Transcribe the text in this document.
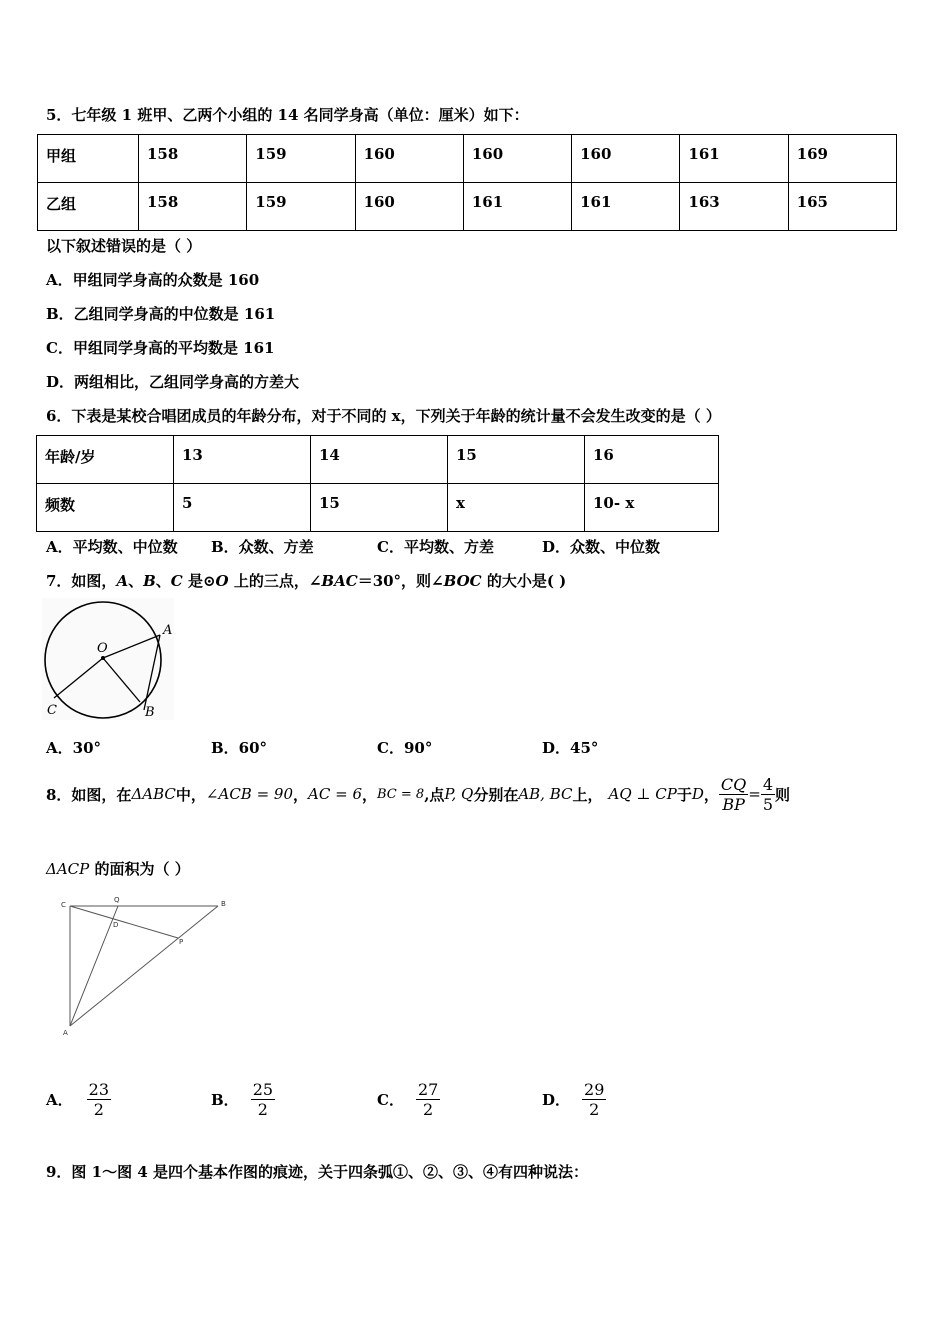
5．七年级 1 班甲、乙两个小组的 14 名同学身高（单位：厘米）如下：
甲组	158	159	160	160	160	161	169
乙组	158	159	160	161	161	163	165
以下叙述错误的是（ ）
A．甲组同学身高的众数是 160
B．乙组同学身高的中位数是 161
C．甲组同学身高的平均数是 161
D．两组相比，乙组同学身高的方差大
6．下表是某校合唱团成员的年龄分布，对于不同的 x，下列关于年龄的统计量不会发生改变的是（ ）
年龄/岁	13	14	15	16
频数	5	15	x	10- x
A．平均数、中位数 B．众数、方差	C．平均数、方差	D．众数、中位数
7．如图，A、B、C 是⊙O 上的三点，∠BAC＝30°，则∠BOC 的大小是( )
O
A
B
C
A．30°	B．60°	C．90°	D．45°
8．如图，在 ΔABC 中， ∠ACB = 90 ， AC = 6 ， BC = 8 ,点 P, Q 分别在 AB, BC 上， AQ ⊥ CP 于 D ， $\frac{CQ}{BP} = \frac{4}{5}$ 则
ΔACP 的面积为（ ）
C
Q	B
D
P
A
A． $\frac{23}{2}$	B． $\frac{25}{2}$	C． $\frac{27}{2}$	D． $\frac{29}{2}$
9．图 1～图 4 是四个基本作图的痕迹，关于四条弧①、②、③、④有四种说法：
